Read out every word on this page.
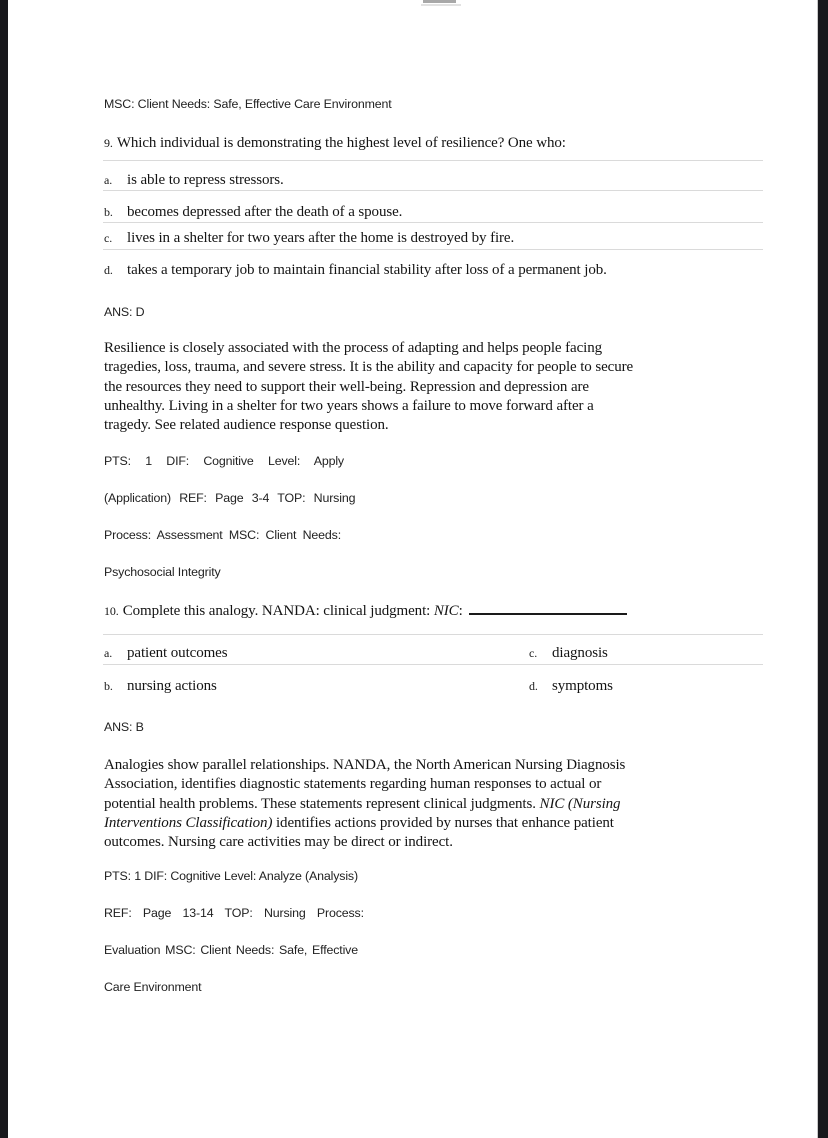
MSC: Client Needs: Safe, Effective Care Environment
9. Which individual is demonstrating the highest level of resilience? One who:
a. is able to repress stressors.
b. becomes depressed after the death of a spouse.
c. lives in a shelter for two years after the home is destroyed by fire.
d. takes a temporary job to maintain financial stability after loss of a permanent job.
ANS: D
Resilience is closely associated with the process of adapting and helps people facing
tragedies, loss, trauma, and severe stress. It is the ability and capacity for people to secure
the resources they need to support their well-being. Repression and depression are
unhealthy. Living in a shelter for two years shows a failure to move forward after a
tragedy. See related audience response question.
PTS: 1 DIF: Cognitive Level: Apply
(Application) REF: Page 3-4 TOP: Nursing
Process: Assessment MSC: Client Needs:
Psychosocial Integrity
10. Complete this analogy. NANDA: clinical judgment: NIC:
a. patient outcomes	c. diagnosis
b. nursing actions	d. symptoms
ANS: B
Analogies show parallel relationships. NANDA, the North American Nursing Diagnosis
Association, identifies diagnostic statements regarding human responses to actual or
potential health problems. These statements represent clinical judgments. NIC (Nursing
Interventions Classification) identifies actions provided by nurses that enhance patient
outcomes. Nursing care activities may be direct or indirect.
PTS: 1 DIF: Cognitive Level: Analyze (Analysis)
REF: Page 13-14 TOP: Nursing Process:
Evaluation MSC: Client Needs: Safe, Effective
Care Environment
